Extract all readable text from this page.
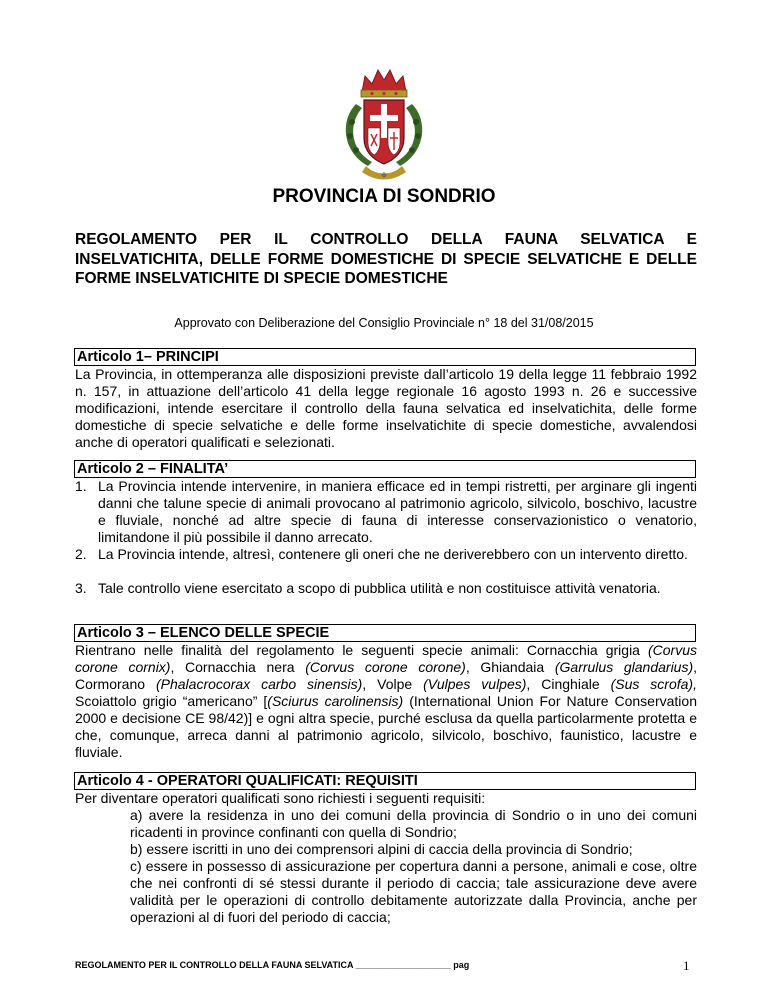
✠
PROVINCIA DI SONDRIO
REGOLAMENTO PER IL CONTROLLO DELLA FAUNA SELVATICA E INSELVATICHITA, DELLE FORME DOMESTICHE DI SPECIE SELVATICHE E DELLE FORME INSELVATICHITE DI SPECIE DOMESTICHE
Approvato con Deliberazione del Consiglio Provinciale n° 18 del 31/08/2015
Articolo 1– PRINCIPI
La Provincia, in ottemperanza alle disposizioni previste dall’articolo 19 della legge 11 febbraio 1992 n. 157, in attuazione dell’articolo 41 della legge regionale 16 agosto 1993 n. 26 e successive modificazioni, intende esercitare il controllo della fauna selvatica ed inselvatichita, delle forme domestiche di specie selvatiche e delle forme inselvatichite di specie domestiche, avvalendosi anche di operatori qualificati e selezionati.
Articolo 2 – FINALITA’
1. La Provincia intende intervenire, in maniera efficace ed in tempi ristretti, per arginare gli ingenti danni che talune specie di animali provocano al patrimonio agricolo, silvicolo, boschivo, lacustre e fluviale, nonché ad altre specie di fauna di interesse conservazionistico o venatorio, limitandone il più possibile il danno arrecato.
2. La Provincia intende, altresì, contenere gli oneri che ne deriverebbero con un intervento diretto.
3. Tale controllo viene esercitato a scopo di pubblica utilità e non costituisce attività venatoria.
Articolo 3 – ELENCO DELLE SPECIE
Rientrano nelle finalità del regolamento le seguenti specie animali: Cornacchia grigia (Corvus corone cornix), Cornacchia nera (Corvus corone corone), Ghiandaia (Garrulus glandarius), Cormorano (Phalacrocorax carbo sinensis), Volpe (Vulpes vulpes), Cinghiale (Sus scrofa), Scoiattolo grigio “americano” [(Sciurus carolinensis) (International Union For Nature Conservation 2000 e decisione CE 98/42)] e ogni altra specie, purché esclusa da quella particolarmente protetta e che, comunque, arreca danni al patrimonio agricolo, silvicolo, boschivo, faunistico, lacustre e fluviale.
Articolo 4 - OPERATORI QUALIFICATI: REQUISITI
Per diventare operatori qualificati sono richiesti i seguenti requisiti:
a) avere la residenza in uno dei comuni della provincia di Sondrio o in uno dei comuni ricadenti in province confinanti con quella di Sondrio;
b) essere iscritti in uno dei comprensori alpini di caccia della provincia di Sondrio;
c) essere in possesso di assicurazione per copertura danni a persone, animali e cose, oltre che nei confronti di sé stessi durante il periodo di caccia; tale assicurazione deve avere validità per le operazioni di controllo debitamente autorizzate dalla Provincia, anche per operazioni al di fuori del periodo di caccia;
REGOLAMENTO PER IL CONTROLLO DELLA FAUNA SELVATICA ___________________ pag	1
